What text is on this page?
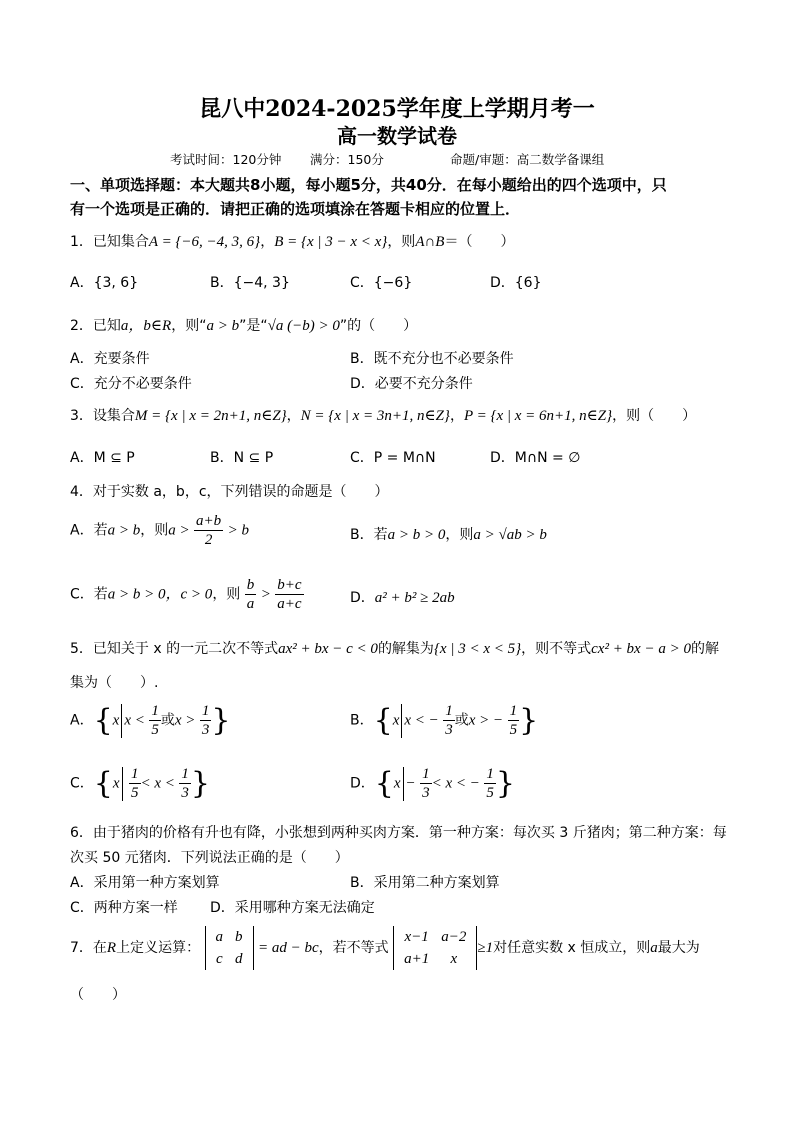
昆八中2024-2025学年度上学期月考一
高一数学试卷
考试时间：120分钟 满分：150分	命题/审题：高二数学备课组
一、单项选择题：本大题共8小题，每小题5分，共40分．在每小题给出的四个选项中，只
有一个选项是正确的．请把正确的选项填涂在答题卡相应的位置上．
1．已知集合A = {−6, −4, 3, 6}，B = {x | 3 − x < x}，则A∩B＝（　　）
A．{3, 6}	B．{−4, 3}	C．{−6}	D．{6}
2．已知a，b∈R，则“a > b”是“√a (−b) > 0”的（　　）
A．充要条件	B．既不充分也不必要条件
C．充分不必要条件	D．必要不充分条件
3．设集合M = {x | x = 2n+1, n∈Z}，N = {x | x = 3n+1, n∈Z}，P = {x | x = 6n+1, n∈Z}，则（　　）
A．M ⊆ P	B．N ⊆ P	C．P = M∩N	D．M∩N = ∅
4．对于实数 a，b，c，下列错误的命题是（　　）
A．若a > b，则$a > \frac{a+b}{2} > b$	B．若a > b > 0，则a > √ab > b
C．若a > b > 0，c > 0，则 $\frac{b}{a} > \frac{b+c}{a+c}$	D．a² + b² ≥ 2ab
5．已知关于 x 的一元二次不等式ax² + bx − c < 0的解集为{x | 3 < x < 5}，则不等式cx² + bx − a > 0的解
集为（　　）.
A．{x $x < \frac{1}{5}$ 或$x > \frac{1}{3}$ }	B．{x x < − $\frac{1}{3}$ 或x > − $\frac{1}{5}$ }
C．{$x \frac{1}{5} < x < \frac{1}{3}$ }	D．{$x - \frac{1}{3} < x$ < − $\frac{1}{5}$ }
6．由于猪肉的价格有升也有降，小张想到两种买肉方案．第一种方案：每次买 3 斤猪肉；第二种方案：每
次买 50 元猪肉．下列说法正确的是（　　）
A．采用第一种方案划算	B．采用第二种方案划算
C．两种方案一样 D．采用哪种方案无法确定
7．在R上定义运算：
a	b
c	d
= ad − bc，若不等式
x−1	a−2
a+1	x
≥1对任意实数 x 恒成立，则a最大为
（　　）
